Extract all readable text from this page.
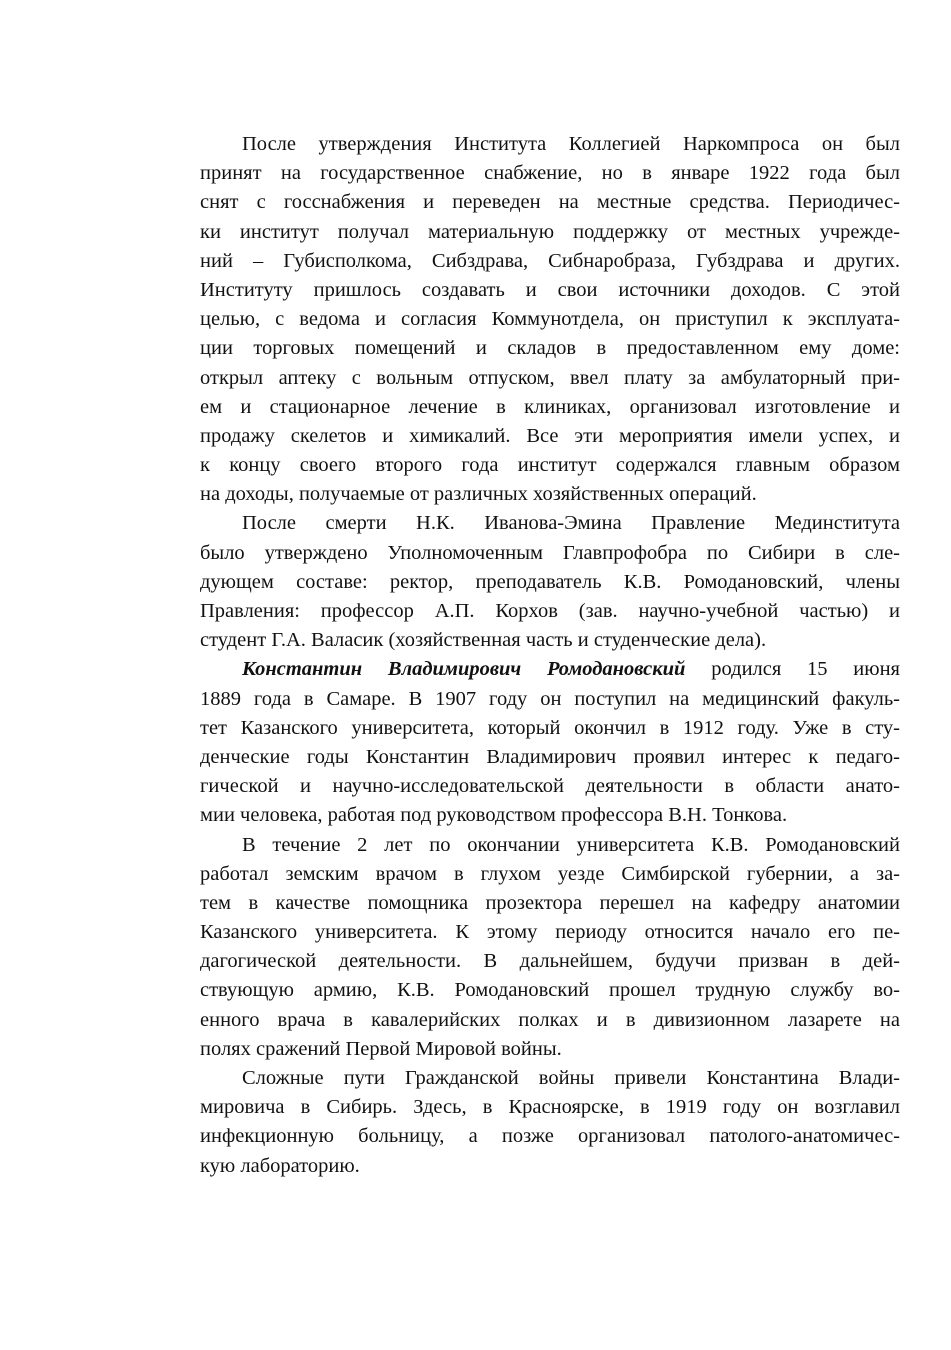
После утверждения Института Коллегией Наркомпроса он был
принят на государственное снабжение, но в январе 1922 года был
снят с госснабжения и переведен на местные средства. Периодичес-
ки институт получал материальную поддержку от местных учрежде-
ний – Губисполкома, Сибздрава, Сибнаробраза, Губздрава и других.
Институту пришлось создавать и свои источники доходов. С этой
целью, с ведома и согласия Коммунотдела, он приступил к эксплуата-
ции торговых помещений и складов в предоставленном ему доме:
открыл аптеку с вольным отпуском, ввел плату за амбулаторный при-
ем и стационарное лечение в клиниках, организовал изготовление и
продажу скелетов и химикалий. Все эти мероприятия имели успех, и
к концу своего второго года институт содержался главным образом
на доходы, получаемые от различных хозяйственных операций.
После смерти Н.К. Иванова-Эмина Правление Мединститута
было утверждено Уполномоченным Главпрофобра по Сибири в сле-
дующем составе: ректор, преподаватель К.В. Ромодановский, члены
Правления: профессор А.П. Корхов (зав. научно-учебной частью) и
студент Г.А. Валасик (хозяйственная часть и студенческие дела).
Константин Владимирович Ромодановский родился 15 июня
1889 года в Самаре. В 1907 году он поступил на медицинский факуль-
тет Казанского университета, который окончил в 1912 году. Уже в сту-
денческие годы Константин Владимирович проявил интерес к педаго-
гической и научно-исследовательской деятельности в области анато-
мии человека, работая под руководством профессора В.Н. Тонкова.
В течение 2 лет по окончании университета К.В. Ромодановский
работал земским врачом в глухом уезде Симбирской губернии, а за-
тем в качестве помощника прозектора перешел на кафедру анатомии
Казанского университета. К этому периоду относится начало его пе-
дагогической деятельности. В дальнейшем, будучи призван в дей-
ствующую армию, К.В. Ромодановский прошел трудную службу во-
енного врача в кавалерийских полках и в дивизионном лазарете на
полях сражений Первой Мировой войны.
Сложные пути Гражданской войны привели Константина Влади-
мировича в Сибирь. Здесь, в Красноярске, в 1919 году он возглавил
инфекционную больницу, а позже организовал патолого-анатомичес-
кую лабораторию.
